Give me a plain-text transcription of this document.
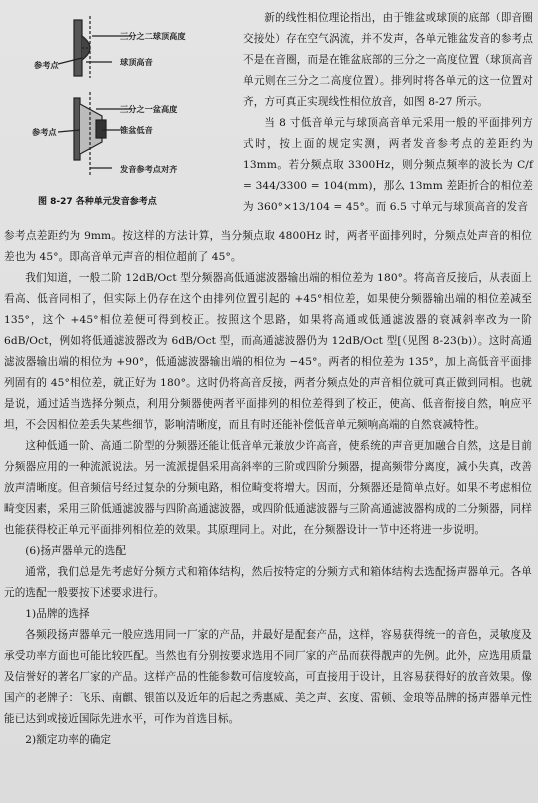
三分之二球顶高度
参考点	球顶高音
三分之一盆高度
参考点	锥盆低音
发音参考点对齐
图 8-27 各种单元发音参考点

新的线性相位理论指出，由于锥盆或球顶的底部（即音圈交接处）存在空气涡流，并不发声，各单元锥盆发音的参考点不是在音圈，而是在锥盆底部的三分之一高度位置（球顶高音单元则在三分之二高度位置）。排列时将各单元的这一位置对齐，方可真正实现线性相位放音，如图 8-27 所示。

当 8 寸低音单元与球顶高音单元采用一般的平面排列方式时，按上面的规定实测，两者发音参考点的差距约为 13mm。若分频点取 3300Hz，则分频点频率的波长为 C/f = 344/3300 = 104(mm)，那么 13mm 差距折合的相位差为 360°×13/104 = 45°。而 6.5 寸单元与球顶高音的发音

参考点差距约为 9mm。按这样的方法计算，当分频点取 4800Hz 时，两者平面排列时，分频点处声音的相位差也为 45°。即高音单元声音的相位超前了 45°。

我们知道，一般二阶 12dB/Oct 型分频器高低通滤波器输出端的相位差为 180°。将高音反接后，从表面上看高、低音同相了，但实际上仍存在这个由排列位置引起的 +45°相位差，如果使分频器输出端的相位差减至 135°，这个 +45°相位差便可得到校正。按照这个思路，如果将高通或低通滤波器的衰减斜率改为一阶 6dB/Oct，例如将低通滤波器改为 6dB/Oct 型，而高通滤波器仍为 12dB/Oct 型[（见图 8-23(b)）。这时高通滤波器输出端的相位为 +90°，低通滤波器输出端的相位为 −45°。两者的相位差为 135°，加上高低音平面排列固有的 45°相位差，就正好为 180°。这时仍将高音反接，两者分频点处的声音相位就可真正做到同相。也就是说，通过适当选择分频点，利用分频器使两者平面排列的相位差得到了校正，使高、低音衔接自然，响应平坦，不会因相位差丢失某些细节，影响清晰度，而且有时还能补偿低音单元频响高端的自然衰减特性。

这种低通一阶、高通二阶型的分频器还能让低音单元兼放少许高音，使系统的声音更加融合自然，这是目前分频器应用的一种流派说法。另一流派提倡采用高斜率的三阶或四阶分频器，提高频带分离度，减小失真，改善放声清晰度。但音频信号经过复杂的分频电路，相位畸变将增大。因而，分频器还是简单点好。如果不考虑相位畸变因素，采用三阶低通滤波器与四阶高通滤波器，或四阶低通滤波器与三阶高通滤波器构成的二分频器，同样也能获得校正单元平面排列相位差的效果。其原理同上。对此，在分频器设计一节中还将进一步说明。

(6)扬声器单元的选配

通常，我们总是先考虑好分频方式和箱体结构，然后按特定的分频方式和箱体结构去选配扬声器单元。各单元的选配一般要按下述要求进行。

1)品牌的选择

各频段扬声器单元一般应选用同一厂家的产品，并最好是配套产品，这样，容易获得统一的音色，灵敏度及承受功率方面也可能比较匹配。当然也有分别按要求选用不同厂家的产品而获得靓声的先例。此外，应选用质量及信誉好的著名厂家的产品。这样产品的性能参数可信度较高，可直接用于设计，且容易获得好的放音效果。像国产的老牌子：飞乐、南麒、银笛以及近年的后起之秀惠威、美之声、玄度、雷顿、金琅等品牌的扬声器单元性能已达到或接近国际先进水平，可作为首选目标。

2)额定功率的确定
